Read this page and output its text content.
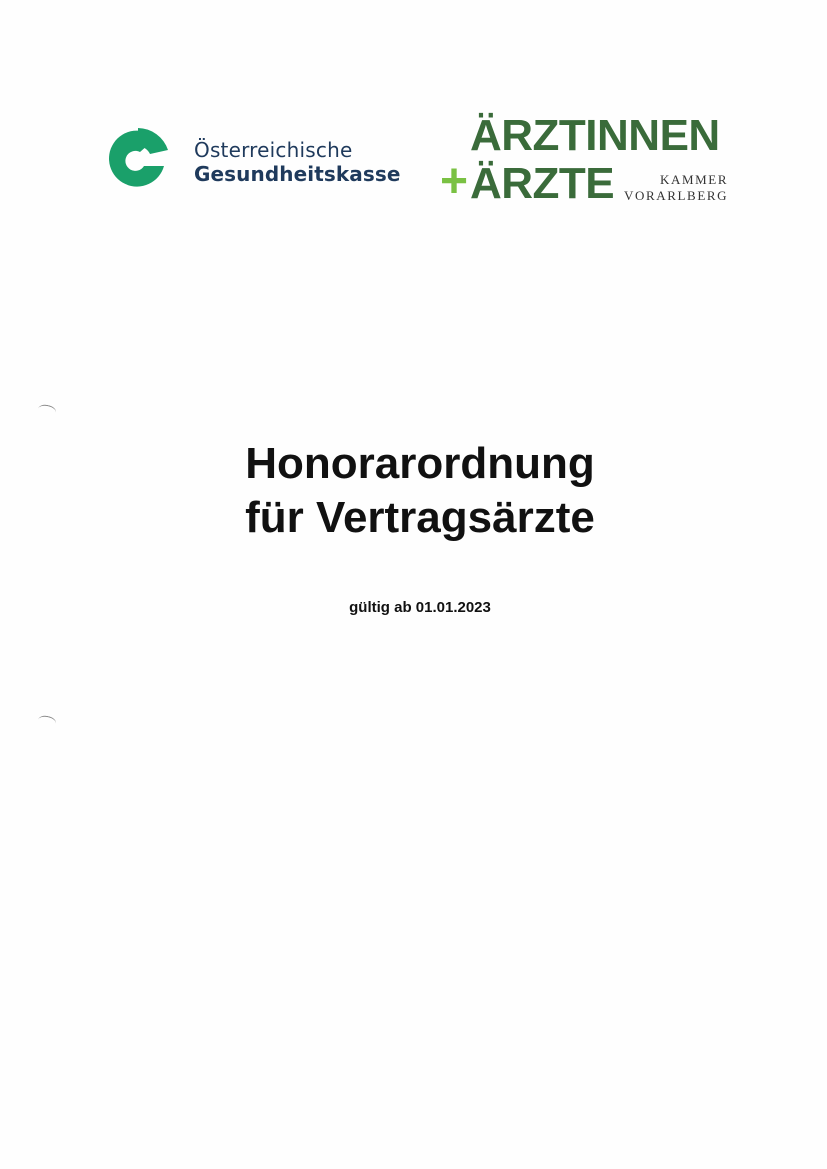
Österreichische
Gesundheitskasse
ÄRZTINNEN
+ ÄRZTE	KAMMER
VORARLBERG
Honorarordnung
für Vertragsärzte
gültig ab 01.01.2023
